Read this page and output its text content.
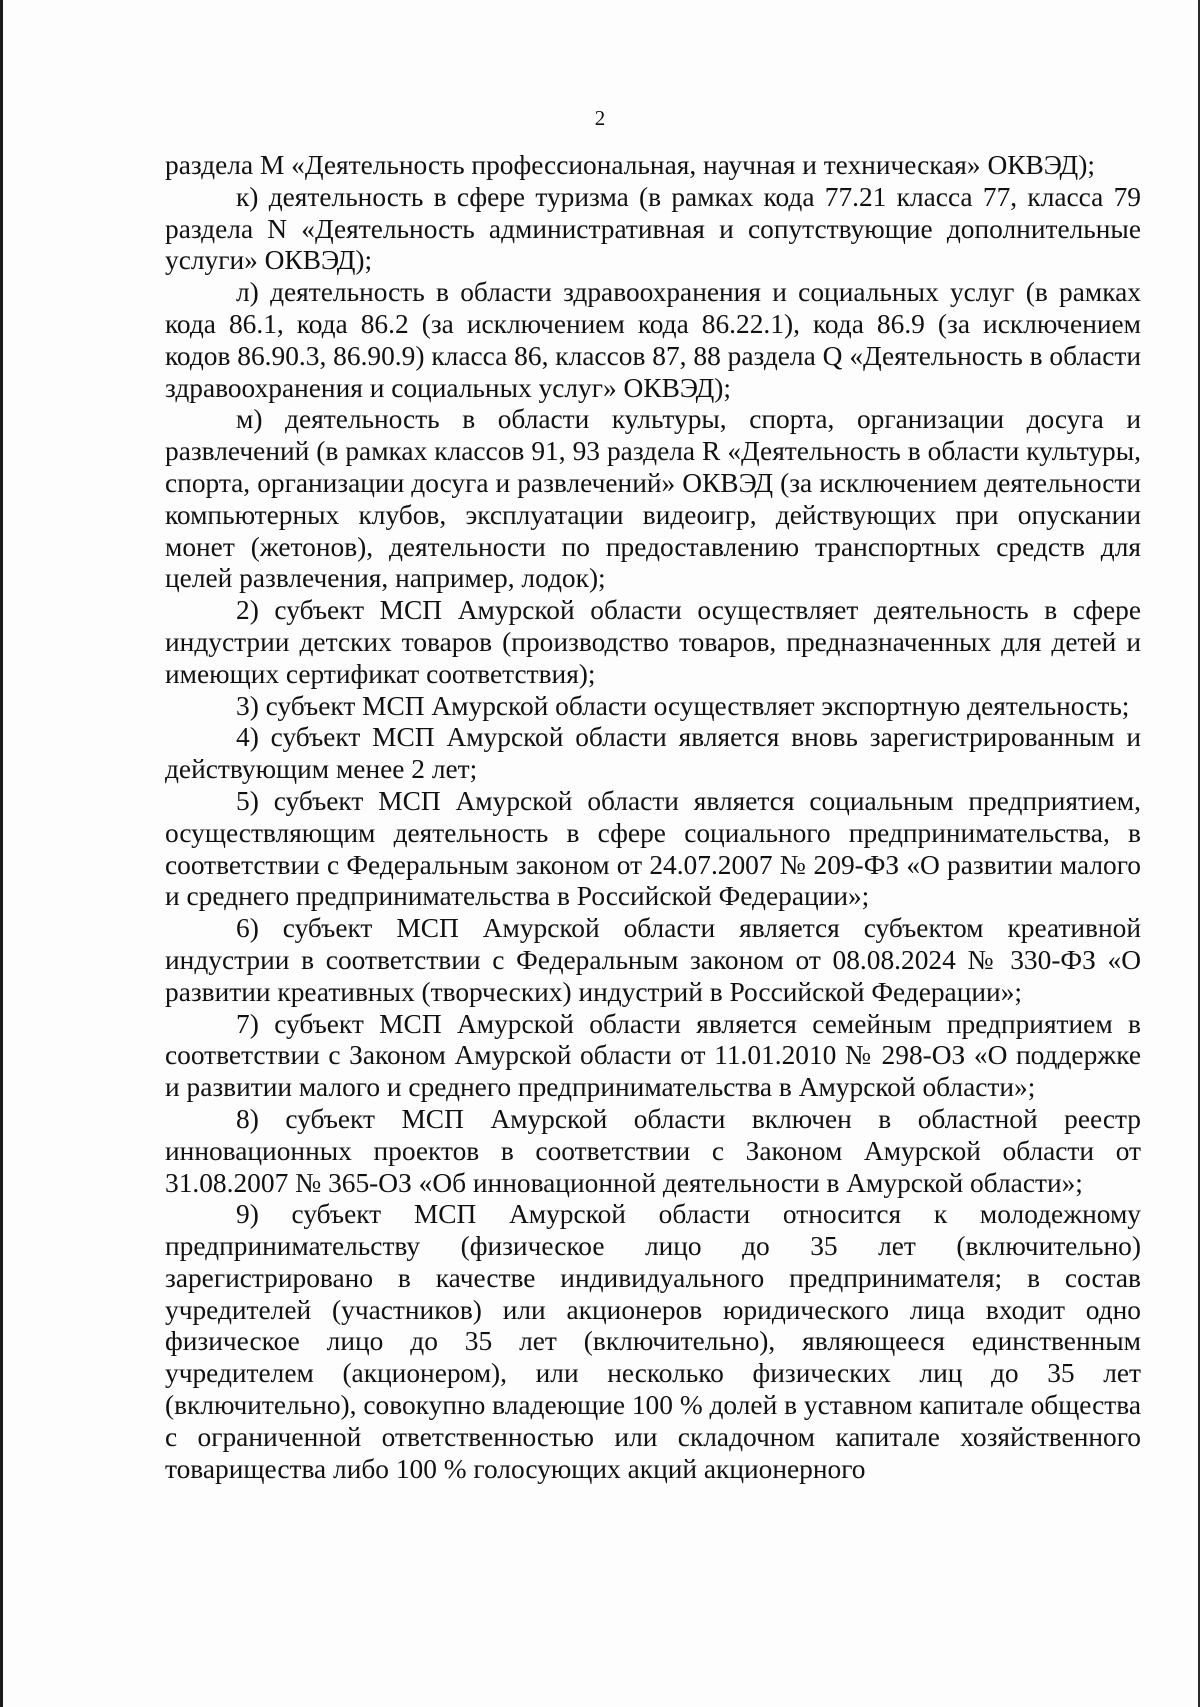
2

раздела M «Деятельность профессиональная, научная и техническая» ОКВЭД);

к) деятельность в сфере туризма (в рамках кода 77.21 класса 77, класса 79 раздела N «Деятельность административная и сопутствующие дополнительные услуги» ОКВЭД);

л) деятельность в области здравоохранения и социальных услуг (в рамках кода 86.1, кода 86.2 (за исключением кода 86.22.1), кода 86.9 (за исключением кодов 86.90.3, 86.90.9) класса 86, классов 87, 88 раздела Q «Деятельность в области здравоохранения и социальных услуг» ОКВЭД);

м) деятельность в области культуры, спорта, организации досуга и развлечений (в рамках классов 91, 93 раздела R «Деятельность в области культуры, спорта, организации досуга и развлечений» ОКВЭД (за исключением деятельности компьютерных клубов, эксплуатации видеоигр, действующих при опускании монет (жетонов), деятельности по предоставлению транспортных средств для целей развлечения, например, лодок);

2) субъект МСП Амурской области осуществляет деятельность в сфере индустрии детских товаров (производство товаров, предназначенных для детей и имеющих сертификат соответствия);

3) субъект МСП Амурской области осуществляет экспортную деятельность;

4) субъект МСП Амурской области является вновь зарегистрированным и действующим менее 2 лет;

5) субъект МСП Амурской области является социальным предприятием, осуществляющим деятельность в сфере социального предпринимательства, в соответствии с Федеральным законом от 24.07.2007 № 209-ФЗ «О развитии малого и среднего предпринимательства в Российской Федерации»;

6) субъект МСП Амурской области является субъектом креативной индустрии в соответствии с Федеральным законом от 08.08.2024 № 330-ФЗ «О развитии креативных (творческих) индустрий в Российской Федерации»;

7) субъект МСП Амурской области является семейным предприятием в соответствии с Законом Амурской области от 11.01.2010 № 298-ОЗ «О поддержке и развитии малого и среднего предпринимательства в Амурской области»;

8) субъект МСП Амурской области включен в областной реестр инновационных проектов в соответствии с Законом Амурской области от 31.08.2007 № 365-ОЗ «Об инновационной деятельности в Амурской области»;

9) субъект МСП Амурской области относится к молодежному предпринимательству (физическое лицо до 35 лет (включительно) зарегистрировано в качестве индивидуального предпринимателя; в состав учредителей (участников) или акционеров юридического лица входит одно физическое лицо до 35 лет (включительно), являющееся единственным учредителем (акционером), или несколько физических лиц до 35 лет (включительно), совокупно владеющие 100 % долей в уставном капитале общества с ограниченной ответственностью или складочном капитале хозяйственного товарищества либо 100 % голосующих акций акционерного
